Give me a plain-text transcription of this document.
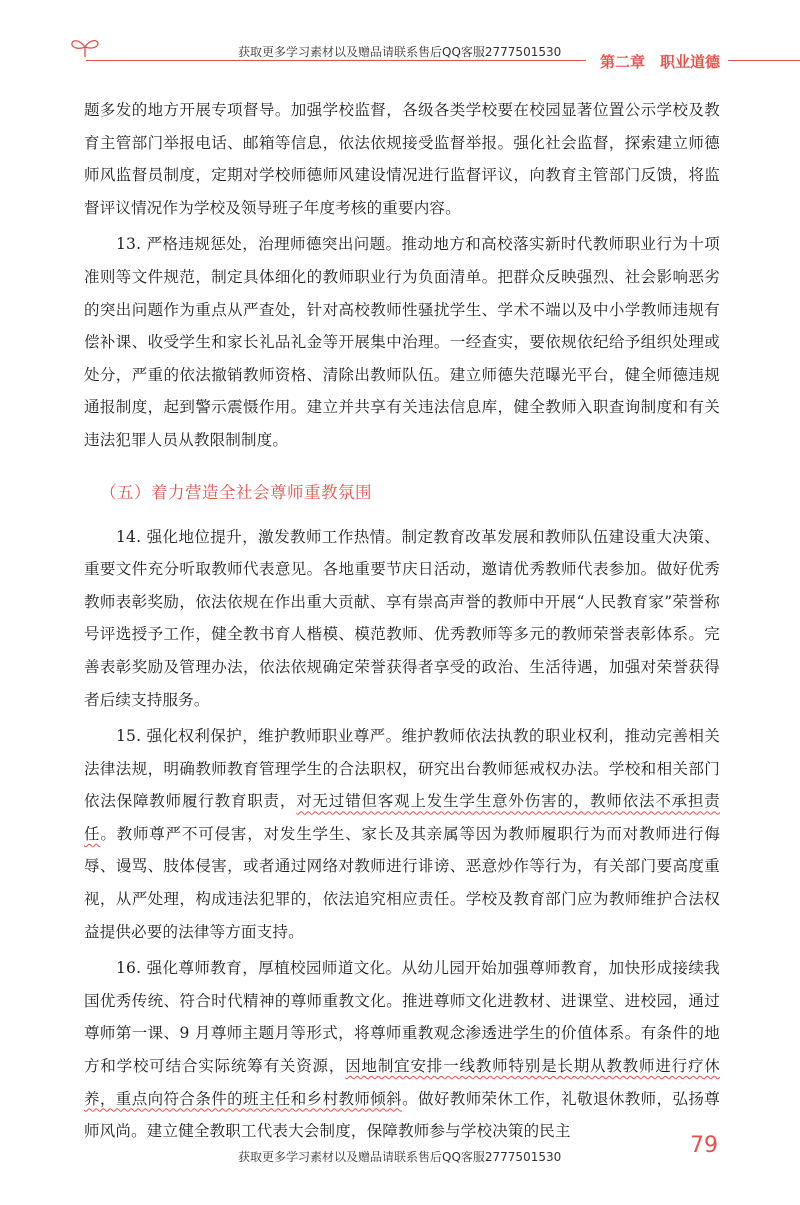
获取更多学习素材以及赠品请联系售后QQ客服2777501530
第二章　职业道德

题多发的地方开展专项督导。加强学校监督，各级各类学校要在校园显著位置公示学校及教育主管部门举报电话、邮箱等信息，依法依规接受监督举报。强化社会监督，探索建立师德师风监督员制度，定期对学校师德师风建设情况进行监督评议，向教育主管部门反馈，将监督评议情况作为学校及领导班子年度考核的重要内容。

13. 严格违规惩处，治理师德突出问题。推动地方和高校落实新时代教师职业行为十项准则等文件规范，制定具体细化的教师职业行为负面清单。把群众反映强烈、社会影响恶劣的突出问题作为重点从严查处，针对高校教师性骚扰学生、学术不端以及中小学教师违规有偿补课、收受学生和家长礼品礼金等开展集中治理。一经查实，要依规依纪给予组织处理或处分，严重的依法撤销教师资格、清除出教师队伍。建立师德失范曝光平台，健全师德违规通报制度，起到警示震慑作用。建立并共享有关违法信息库，健全教师入职查询制度和有关违法犯罪人员从教限制制度。

（五）着力营造全社会尊师重教氛围

14. 强化地位提升，激发教师工作热情。制定教育改革发展和教师队伍建设重大决策、重要文件充分听取教师代表意见。各地重要节庆日活动，邀请优秀教师代表参加。做好优秀教师表彰奖励，依法依规在作出重大贡献、享有崇高声誉的教师中开展“人民教育家”荣誉称号评选授予工作，健全教书育人楷模、模范教师、优秀教师等多元的教师荣誉表彰体系。完善表彰奖励及管理办法，依法依规确定荣誉获得者享受的政治、生活待遇，加强对荣誉获得者后续支持服务。

15. 强化权利保护，维护教师职业尊严。维护教师依法执教的职业权利，推动完善相关法律法规，明确教师教育管理学生的合法职权，研究出台教师惩戒权办法。学校和相关部门依法保障教师履行教育职责，对无过错但客观上发生学生意外伤害的，教师依法不承担责任。教师尊严不可侵害，对发生学生、家长及其亲属等因为教师履职行为而对教师进行侮辱、谩骂、肢体侵害，或者通过网络对教师进行诽谤、恶意炒作等行为，有关部门要高度重视，从严处理，构成违法犯罪的，依法追究相应责任。学校及教育部门应为教师维护合法权益提供必要的法律等方面支持。

16. 强化尊师教育，厚植校园师道文化。从幼儿园开始加强尊师教育，加快形成接续我国优秀传统、符合时代精神的尊师重教文化。推进尊师文化进教材、进课堂、进校园，通过尊师第一课、9 月尊师主题月等形式，将尊师重教观念渗透进学生的价值体系。有条件的地方和学校可结合实际统筹有关资源，因地制宜安排一线教师特别是长期从教教师进行疗休养，重点向符合条件的班主任和乡村教师倾斜。做好教师荣休工作，礼敬退休教师，弘扬尊师风尚。建立健全教职工代表大会制度，保障教师参与学校决策的民主

获取更多学习素材以及赠品请联系售后QQ客服2777501530	79
